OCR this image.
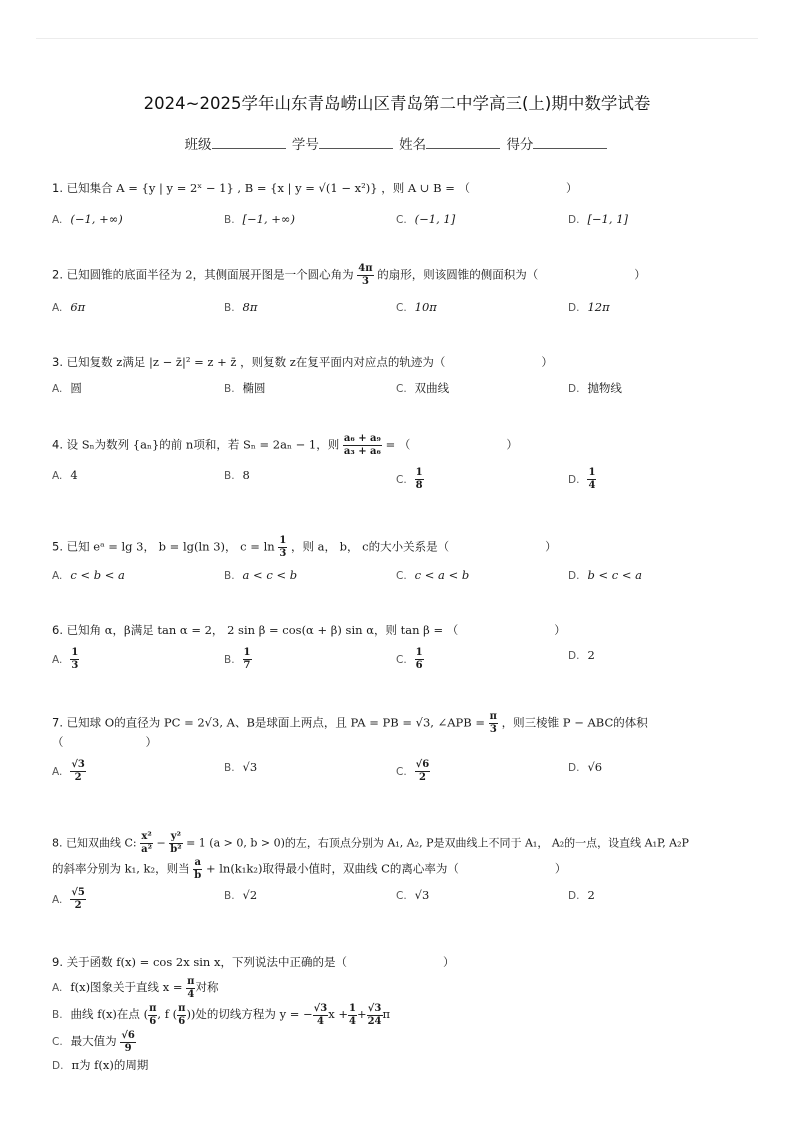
2024~2025学年山东青岛崂山区青岛第二中学高三(上)期中数学试卷
班级	学号	姓名	得分
1. 已知集合 A = {y | y = 2ˣ − 1} , B = {x | y = √(1 − x²)} ，则 A ∪ B = （	）
A. (−1, +∞)	B. [−1, +∞)	C. (−1, 1]	D. [−1, 1]
2. 已知圆锥的底面半径为 2，其侧面展开图是一个圆心角为 $\frac{4\pi}{3}$ 的扇形，则该圆锥的侧面积为（	）
A. 6π	B. 8π	C. 10π	D. 12π
3. 已知复数 z满足 |z − z̄|² = z + z̄ ，则复数 z在复平面内对应点的轨迹为（	）
A. 圆	B. 椭圆	C. 双曲线	D. 抛物线
4. 设 Sₙ为数列 {aₙ}的前 n项和，若 Sₙ = 2aₙ − 1，则 $\frac{\text{a₆ + a₉}}{\text{a₃ + a₆}}$ = （	）
A. 4	B. 8	C. $\frac{1}{8}$	D. $\frac{1}{4}$
5. 已知 eᵃ = lg 3， b = lg(ln 3)， $c = \ln \frac{1}{3}$ ，则 a， b， c的大小关系是（	）
A. c < b < a	B. a < c < b	C. c < a < b	D. b < c < a
6. 已知角 α，β满足 tan α = 2， 2 sin β = cos(α + β) sin α，则 tan β = （	）
A. $\frac{1}{3}$	B. $\frac{1}{7}$	C. $\frac{1}{6}$	D. 2
7. 已知球 O的直径为 PC = 2√3, A、B是球面上两点，且 PA = PB = √3, ∠APB = $\frac{\pi}{3}$ ，则三棱锥 P − ABC的体积
（	）
A. $\frac{√3}{2}$	B. √3	C. $\frac{√6}{2}$	D. √6
8. 已知双曲线 C: $\frac{\text{x²}}{\text{a²}} - \frac{\text{y²}}{\text{b²}} = 1$ (a > 0, b > 0)的左，右顶点分别为 A₁, A₂, P是双曲线上不同于 A₁， A₂的一点，设直线 A₁P, A₂P
的斜率分别为 k₁, k₂，则当 $\frac{a}{b} + \ln(k_1k_2)$取得最小值时，双曲线 C的离心率为（	）
A. $\frac{√5}{2}$	B. √2	C. √3	D. 2
9. 关于函数 f(x) = cos 2x sin x，下列说法中正确的是（	）
A. f(x)图象关于直线 $x = \frac{\pi}{4}$ 对称
B. 曲线 f(x)在点 ( $\frac{\pi}{6}$ , f ( $\frac{\pi}{6}$ ))处的切线方程为 y = − $\frac{√3}{4}$ $x + \frac{1}{4} + \frac{√3}{24}$ π
C. 最大值为 $\frac{√6}{9}$
D. π为 f(x)的周期
